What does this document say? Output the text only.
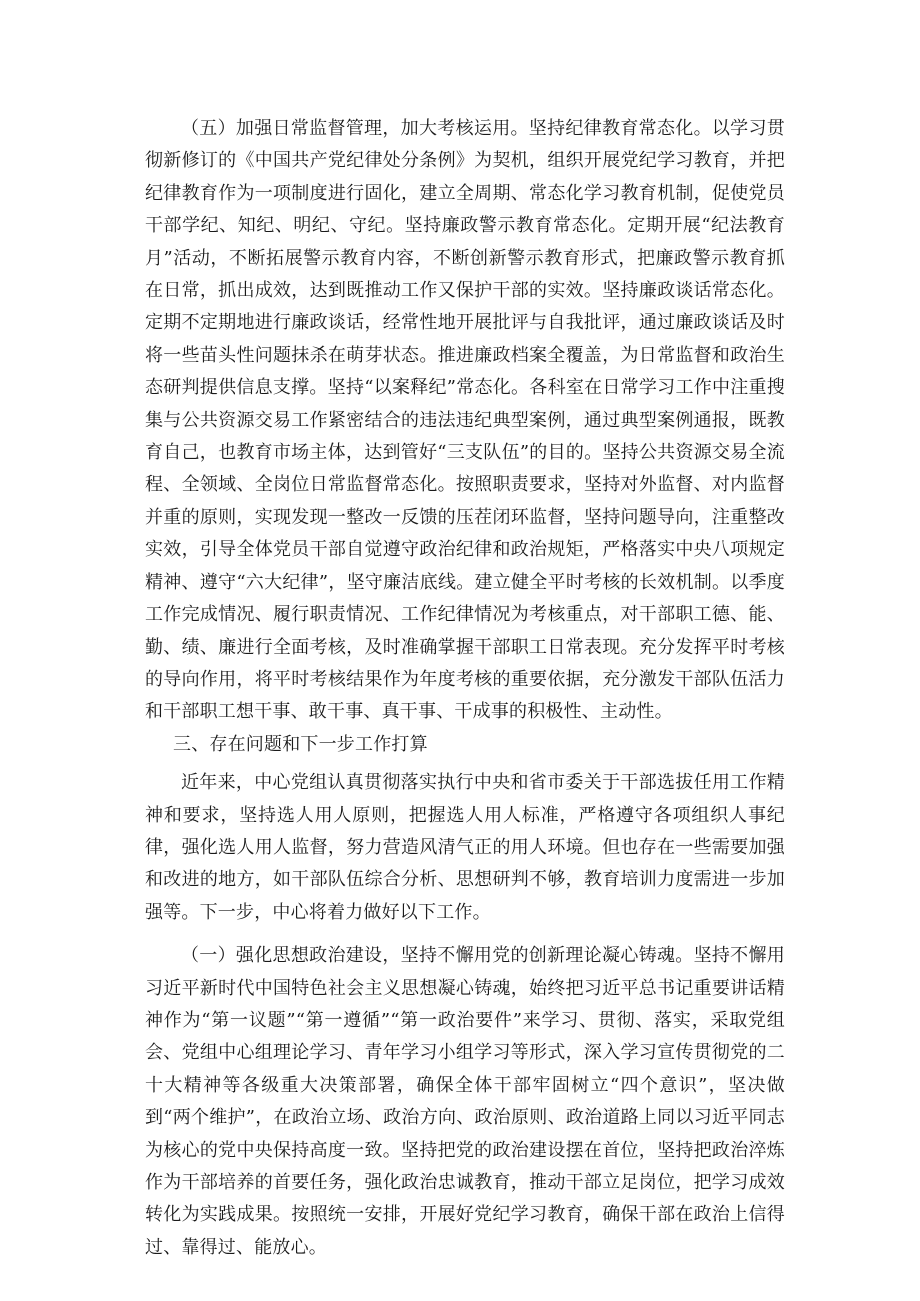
（五）加强日常监督管理，加大考核运用。坚持纪律教育常态化。以学习贯彻新修订的《中国共产党纪律处分条例》为契机，组织开展党纪学习教育，并把纪律教育作为一项制度进行固化，建立全周期、常态化学习教育机制，促使党员干部学纪、知纪、明纪、守纪。坚持廉政警示教育常态化。定期开展“纪法教育月”活动，不断拓展警示教育内容，不断创新警示教育形式，把廉政警示教育抓在日常，抓出成效，达到既推动工作又保护干部的实效。坚持廉政谈话常态化。定期不定期地进行廉政谈话，经常性地开展批评与自我批评，通过廉政谈话及时将一些苗头性问题抹杀在萌芽状态。推进廉政档案全覆盖，为日常监督和政治生态研判提供信息支撑。坚持“以案释纪”常态化。各科室在日常学习工作中注重搜集与公共资源交易工作紧密结合的违法违纪典型案例，通过典型案例通报，既教育自己，也教育市场主体，达到管好“三支队伍”的目的。坚持公共资源交易全流程、全领域、全岗位日常监督常态化。按照职责要求，坚持对外监督、对内监督并重的原则，实现发现一整改一反馈的压茬闭环监督，坚持问题导向，注重整改实效，引导全体党员干部自觉遵守政治纪律和政治规矩，严格落实中央八项规定精神、遵守“六大纪律”，坚守廉洁底线。建立健全平时考核的长效机制。以季度工作完成情况、履行职责情况、工作纪律情况为考核重点，对干部职工德、能、勤、绩、廉进行全面考核，及时准确掌握干部职工日常表现。充分发挥平时考核的导向作用，将平时考核结果作为年度考核的重要依据，充分激发干部队伍活力和干部职工想干事、敢干事、真干事、干成事的积极性、主动性。

三、存在问题和下一步工作打算

近年来，中心党组认真贯彻落实执行中央和省市委关于干部选拔任用工作精神和要求，坚持选人用人原则，把握选人用人标准，严格遵守各项组织人事纪律，强化选人用人监督，努力营造风清气正的用人环境。但也存在一些需要加强和改进的地方，如干部队伍综合分析、思想研判不够，教育培训力度需进一步加强等。下一步，中心将着力做好以下工作。

（一）强化思想政治建设，坚持不懈用党的创新理论凝心铸魂。坚持不懈用习近平新时代中国特色社会主义思想凝心铸魂，始终把习近平总书记重要讲话精神作为“第一议题”“第一遵循”“第一政治要件”来学习、贯彻、落实，采取党组会、党组中心组理论学习、青年学习小组学习等形式，深入学习宣传贯彻党的二十大精神等各级重大决策部署，确保全体干部牢固树立“四个意识”，坚决做到“两个维护”，在政治立场、政治方向、政治原则、政治道路上同以习近平同志为核心的党中央保持高度一致。坚持把党的政治建设摆在首位，坚持把政治淬炼作为干部培养的首要任务，强化政治忠诚教育，推动干部立足岗位，把学习成效转化为实践成果。按照统一安排，开展好党纪学习教育，确保干部在政治上信得过、靠得过、能放心。
